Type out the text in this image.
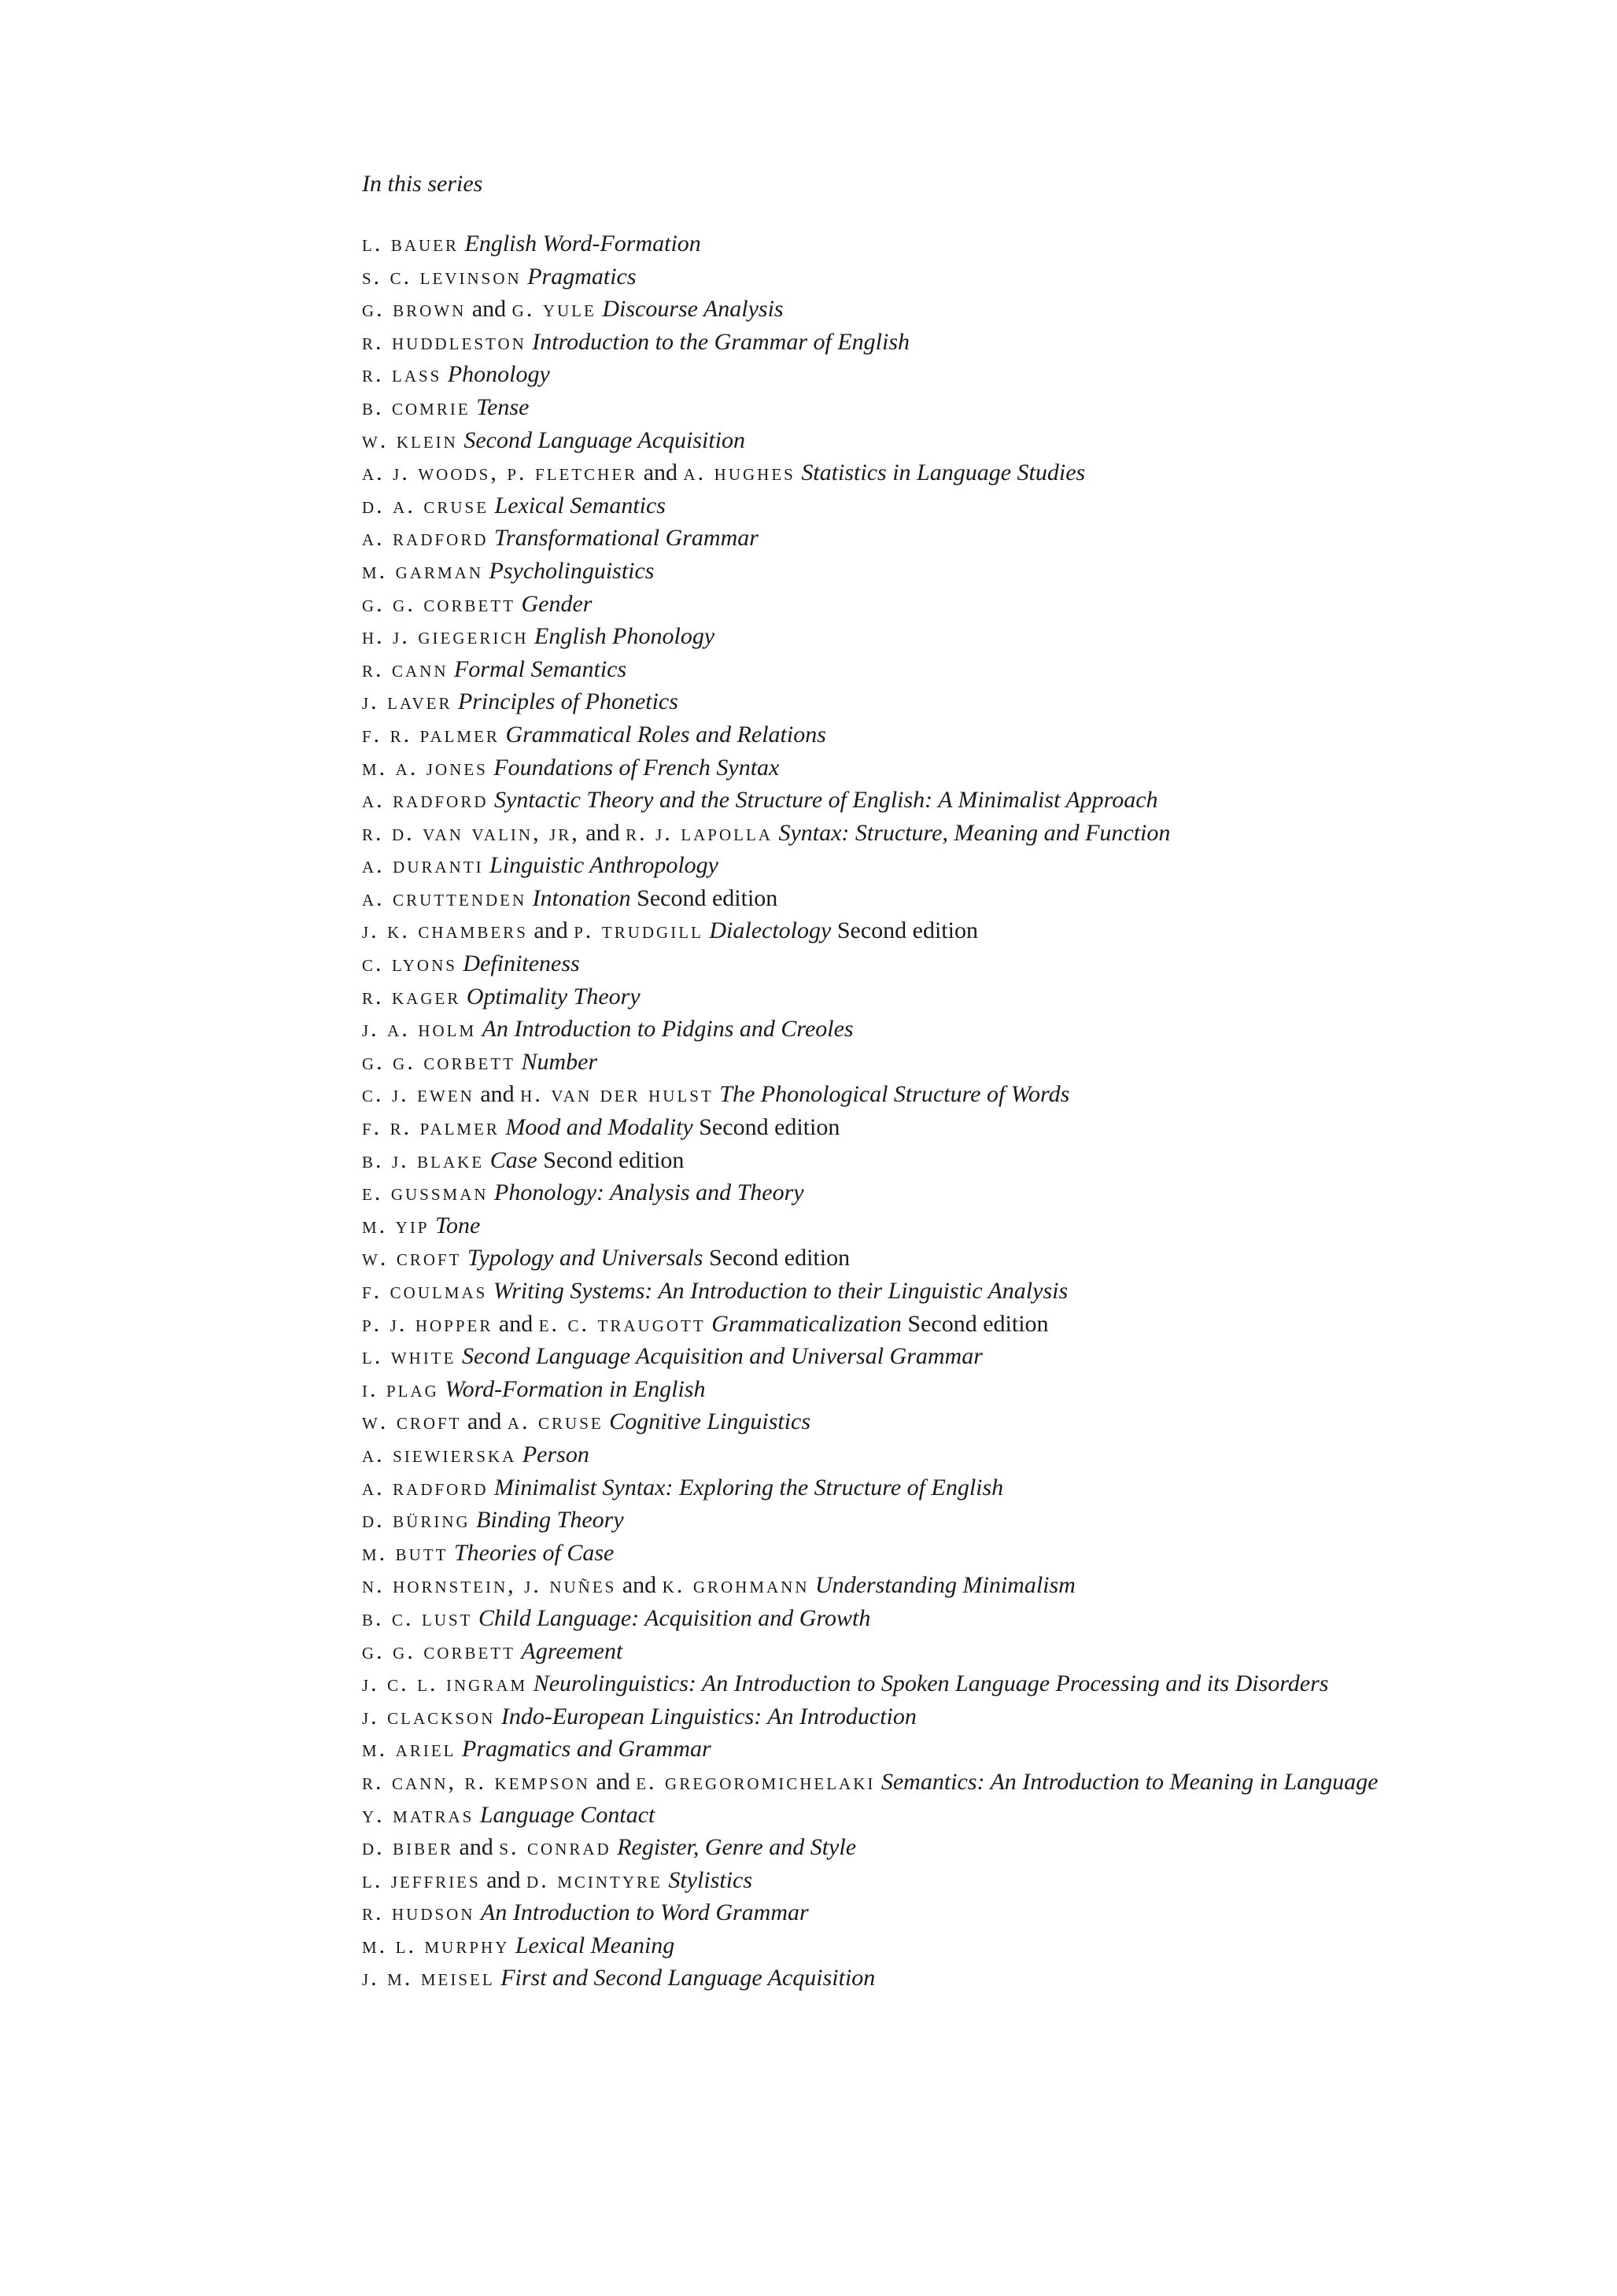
In this series
l. bauer English Word-Formation
s. c. levinson Pragmatics
g. brown and g. yule Discourse Analysis
r. huddleston Introduction to the Grammar of English
r. lass Phonology
b. comrie Tense
w. klein Second Language Acquisition
a. j. woods, p. fletcher and a. hughes Statistics in Language Studies
d. a. cruse Lexical Semantics
a. radford Transformational Grammar
m. garman Psycholinguistics
g. g. corbett Gender
h. j. giegerich English Phonology
r. cann Formal Semantics
j. laver Principles of Phonetics
f. r. palmer Grammatical Roles and Relations
m. a. jones Foundations of French Syntax
a. radford Syntactic Theory and the Structure of English: A Minimalist Approach
r. d. van valin, jr, and r. j. lapolla Syntax: Structure, Meaning and Function
a. duranti Linguistic Anthropology
a. cruttenden Intonation Second edition
j. k. chambers and p. trudgill Dialectology Second edition
c. lyons Definiteness
r. kager Optimality Theory
j. a. holm An Introduction to Pidgins and Creoles
g. g. corbett Number
c. j. ewen and h. van der hulst The Phonological Structure of Words
f. r. palmer Mood and Modality Second edition
b. j. blake Case Second edition
e. gussman Phonology: Analysis and Theory
m. yip Tone
w. croft Typology and Universals Second edition
f. coulmas Writing Systems: An Introduction to their Linguistic Analysis
p. j. hopper and e. c. traugott Grammaticalization Second edition
l. white Second Language Acquisition and Universal Grammar
i. plag Word-Formation in English
w. croft and a. cruse Cognitive Linguistics
a. siewierska Person
a. radford Minimalist Syntax: Exploring the Structure of English
d. büring Binding Theory
m. butt Theories of Case
n. hornstein, j. nuñes and k. grohmann Understanding Minimalism
b. c. lust Child Language: Acquisition and Growth
g. g. corbett Agreement
j. c. l. ingram Neurolinguistics: An Introduction to Spoken Language Processing and its Disorders
j. clackson Indo-European Linguistics: An Introduction
m. ariel Pragmatics and Grammar
r. cann, r. kempson and e. gregoromichelaki Semantics: An Introduction to Meaning in Language
y. matras Language Contact
d. biber and s. conrad Register, Genre and Style
l. jeffries and d. mcintyre Stylistics
r. hudson An Introduction to Word Grammar
m. l. murphy Lexical Meaning
j. m. meisel First and Second Language Acquisition
